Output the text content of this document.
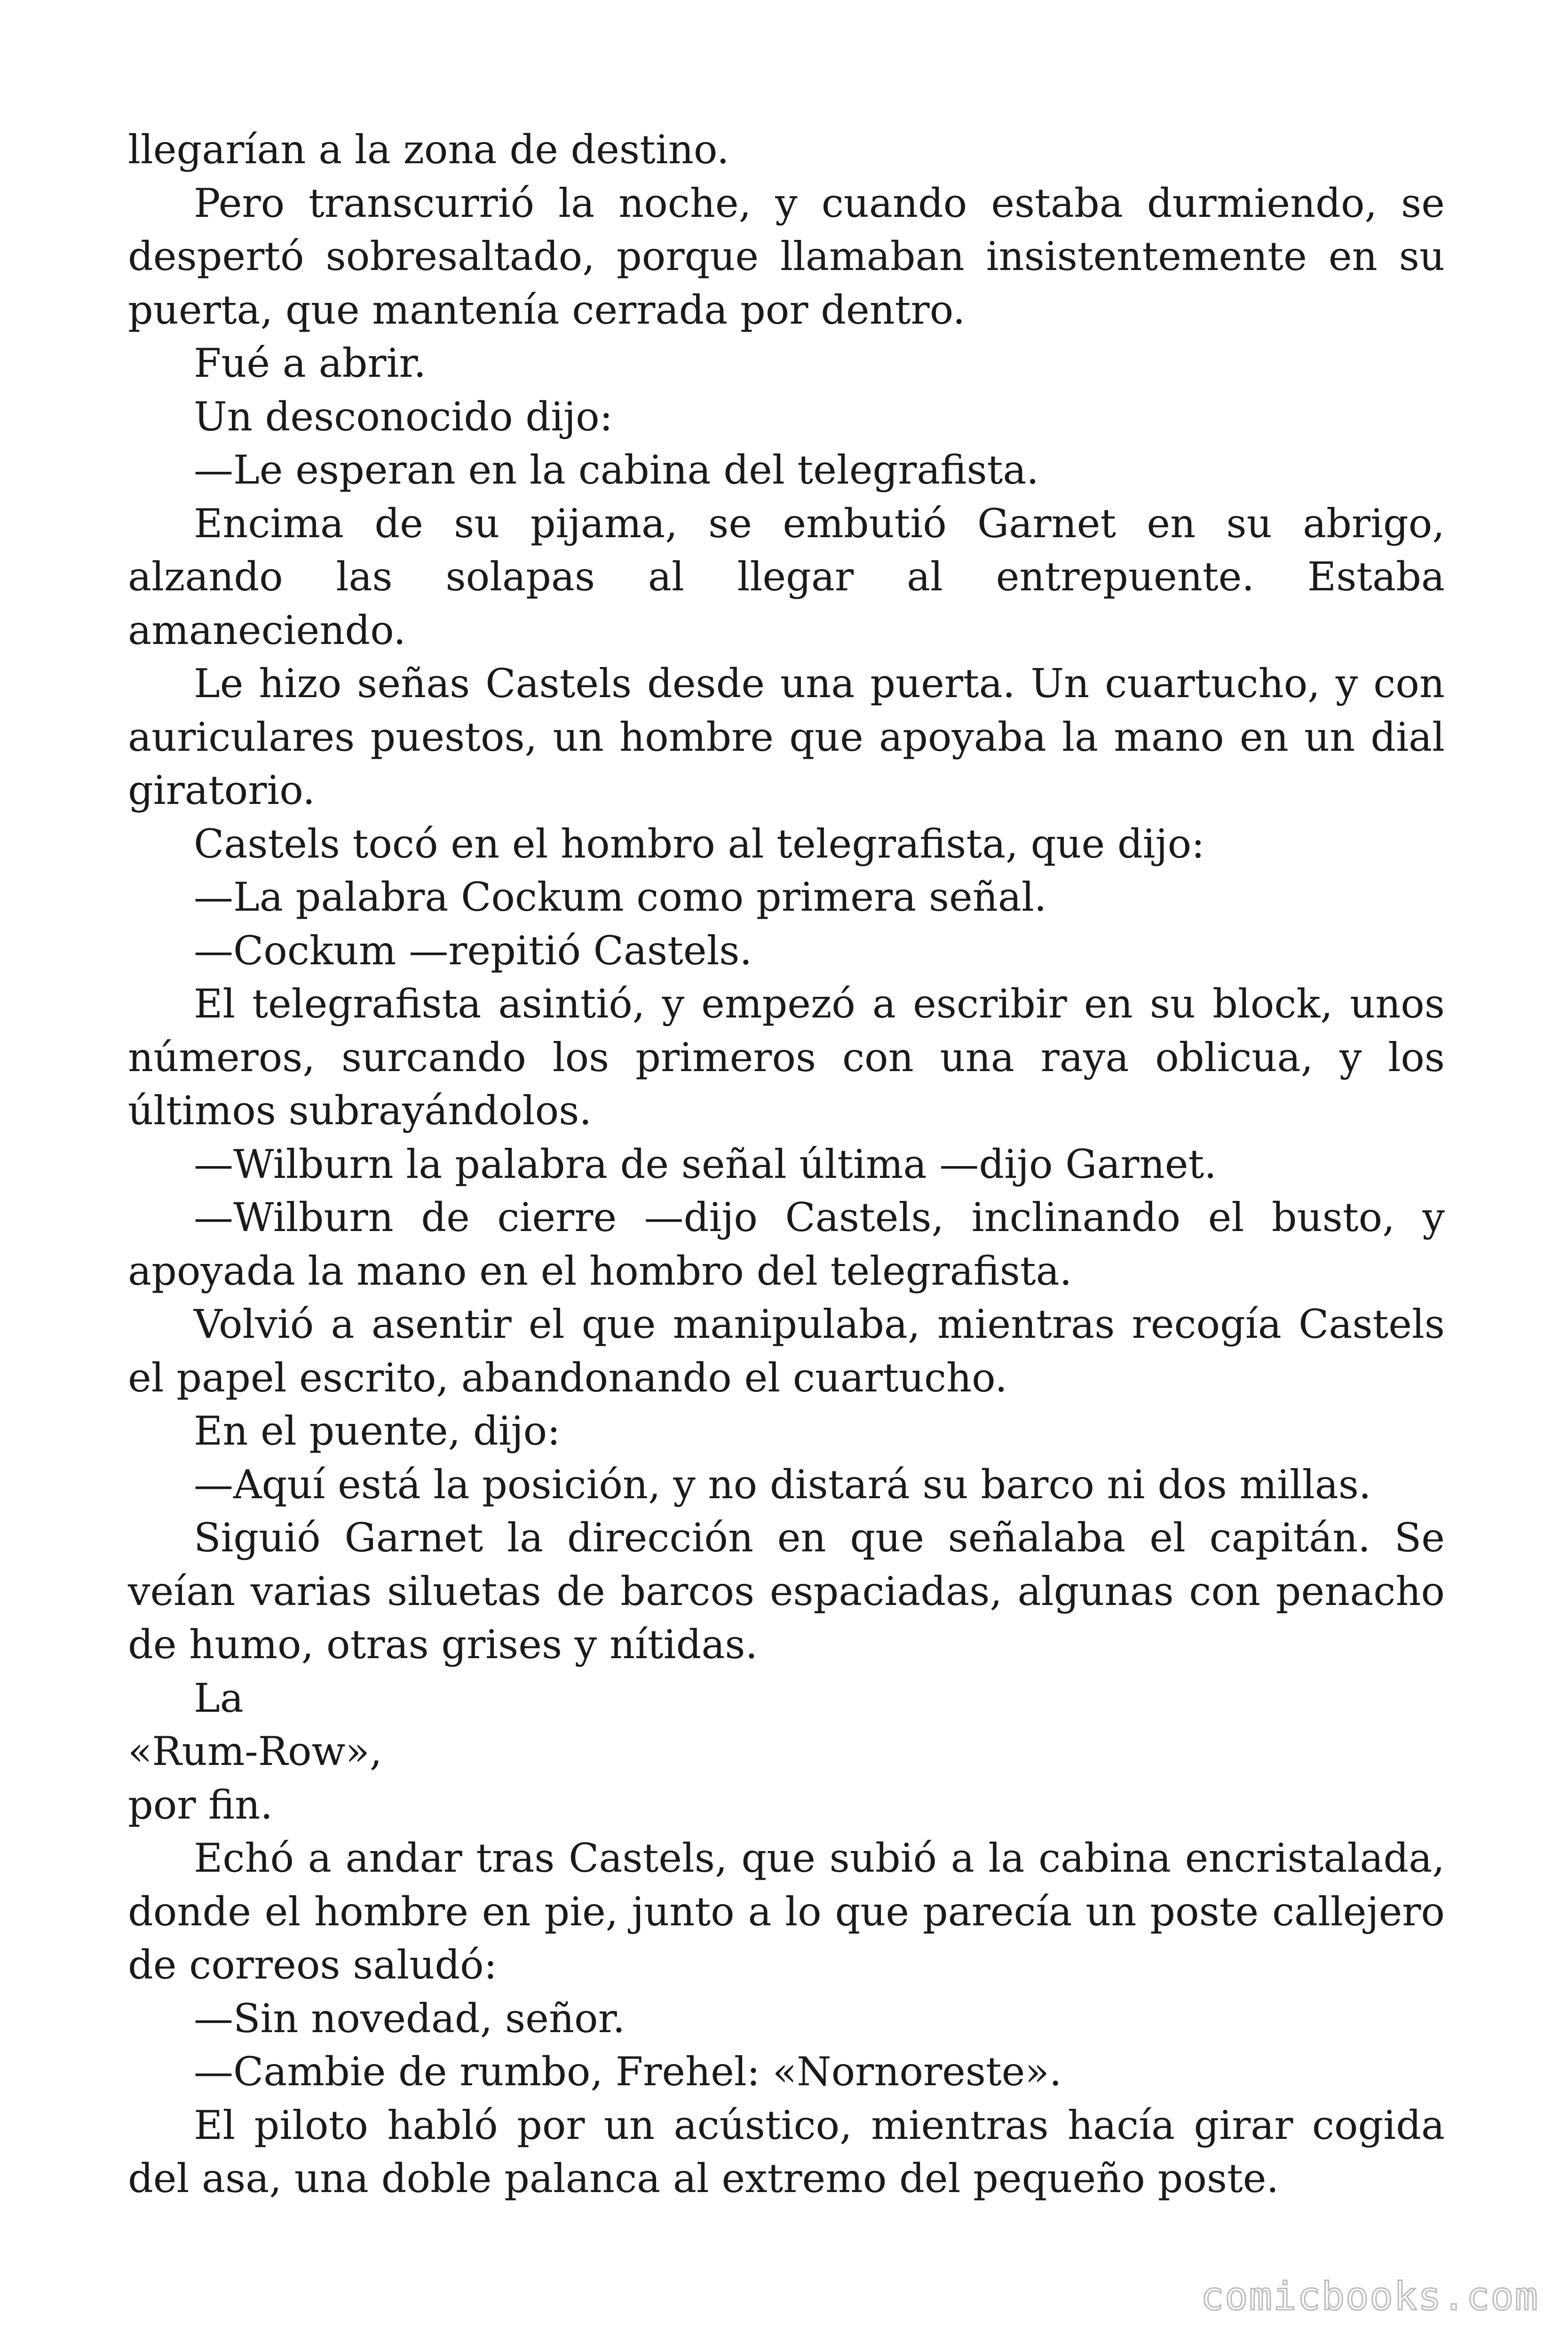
llegarían a la zona de destino.

Pero transcurrió la noche, y cuando estaba durmiendo, se despertó sobresaltado, porque llamaban insistentemente en su puerta, que mantenía cerrada por dentro.

Fué a abrir.

Un desconocido dijo:

—Le esperan en la cabina del telegrafista.

Encima de su pijama, se embutió Garnet en su abrigo, alzando las solapas al llegar al entrepuente. Estaba amaneciendo.

Le hizo señas Castels desde una puerta. Un cuartucho, y con auriculares puestos, un hombre que apoyaba la mano en un dial giratorio.

Castels tocó en el hombro al telegrafista, que dijo:

—La palabra Cockum como primera señal.

—Cockum —repitió Castels.

El telegrafista asintió, y empezó a escribir en su block, unos números, surcando los primeros con una raya oblicua, y los últimos subrayándolos.

—Wilburn la palabra de señal última —dijo Garnet.

—Wilburn de cierre —dijo Castels, inclinando el busto, y apoyada la mano en el hombro del telegrafista.

Volvió a asentir el que manipulaba, mientras recogía Castels el papel escrito, abandonando el cuartucho.

En el puente, dijo:

—Aquí está la posición, y no distará su barco ni dos millas.

Siguió Garnet la dirección en que señalaba el capitán. Se veían varias siluetas de barcos espaciadas, algunas con penacho de humo, otras grises y nítidas.

La

«Rum-Row»,

por fin.

Echó a andar tras Castels, que subió a la cabina encristalada, donde el hombre en pie, junto a lo que parecía un poste callejero de correos saludó:

—Sin novedad, señor.

—Cambie de rumbo, Frehel: «Nornoreste».

El piloto habló por un acústico, mientras hacía girar cogida del asa, una doble palanca al extremo del pequeño poste.

comicbooks.com
